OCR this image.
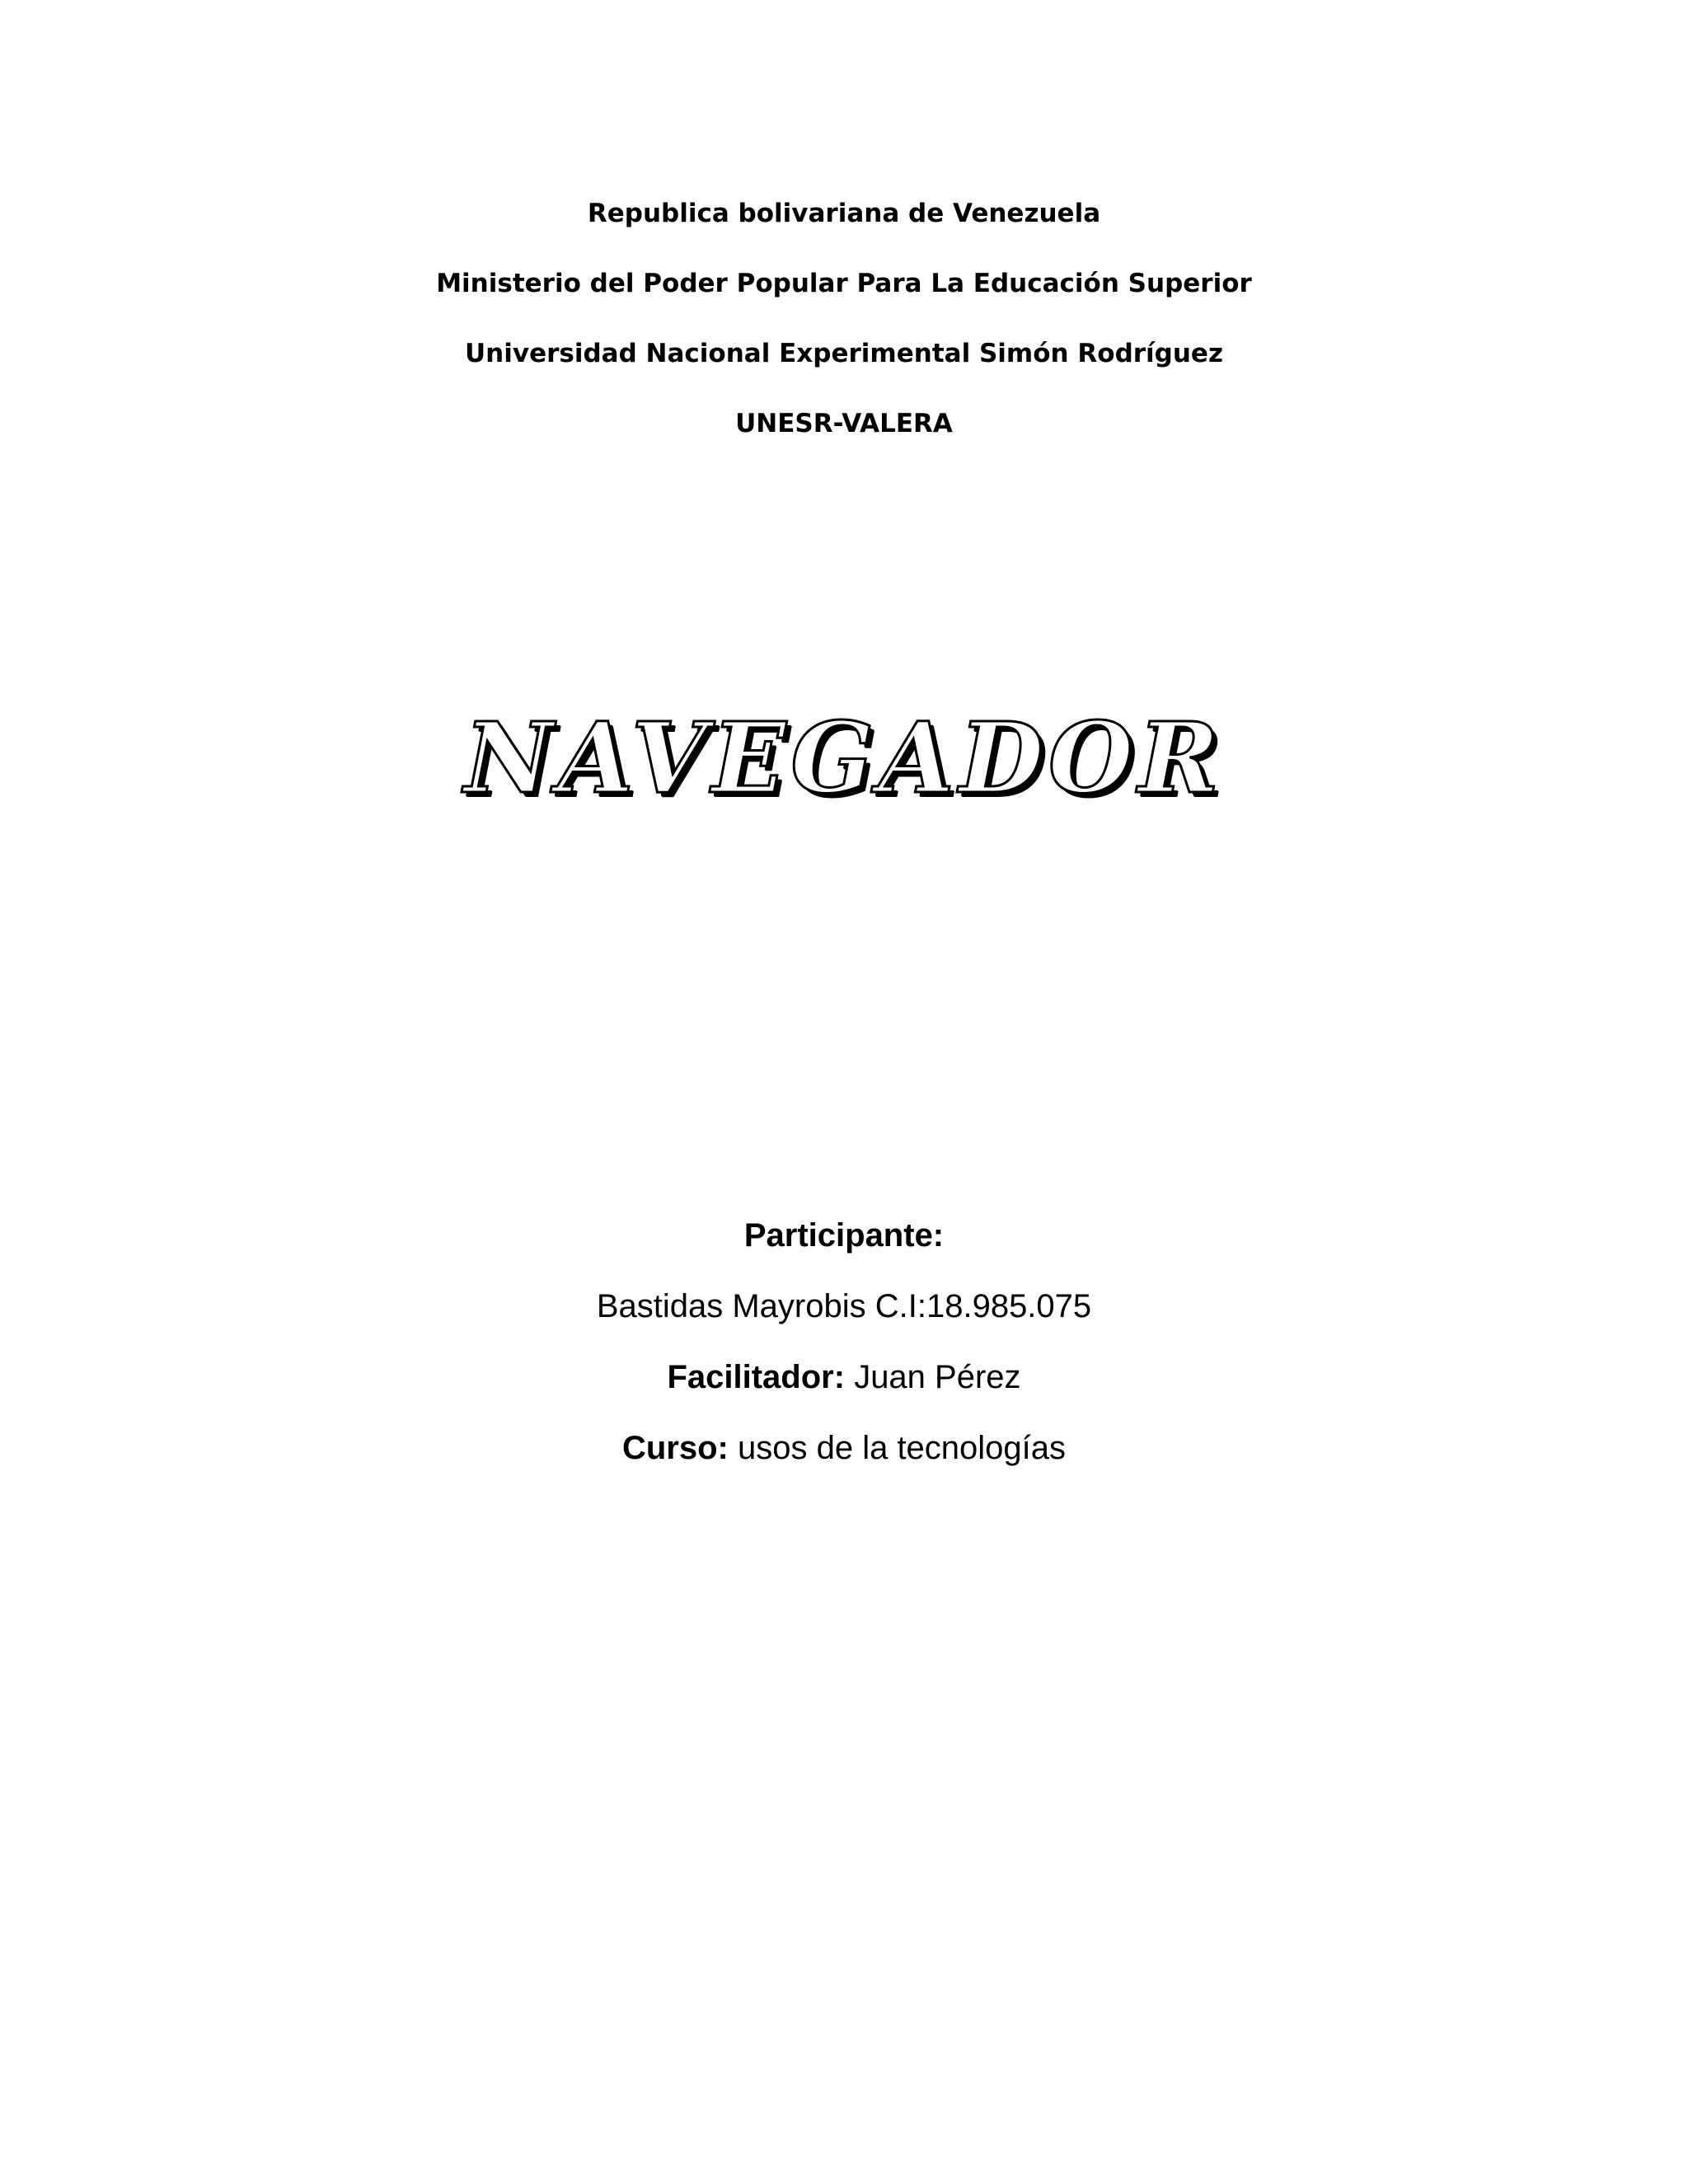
Republica bolivariana de Venezuela
Ministerio del Poder Popular Para La Educación Superior
Universidad Nacional Experimental Simón Rodríguez
UNESR-VALERA
NAVEGADOR
Participante:
Bastidas Mayrobis C.I:18.985.075
Facilitador: Juan Pérez
Curso: usos de la tecnologías
